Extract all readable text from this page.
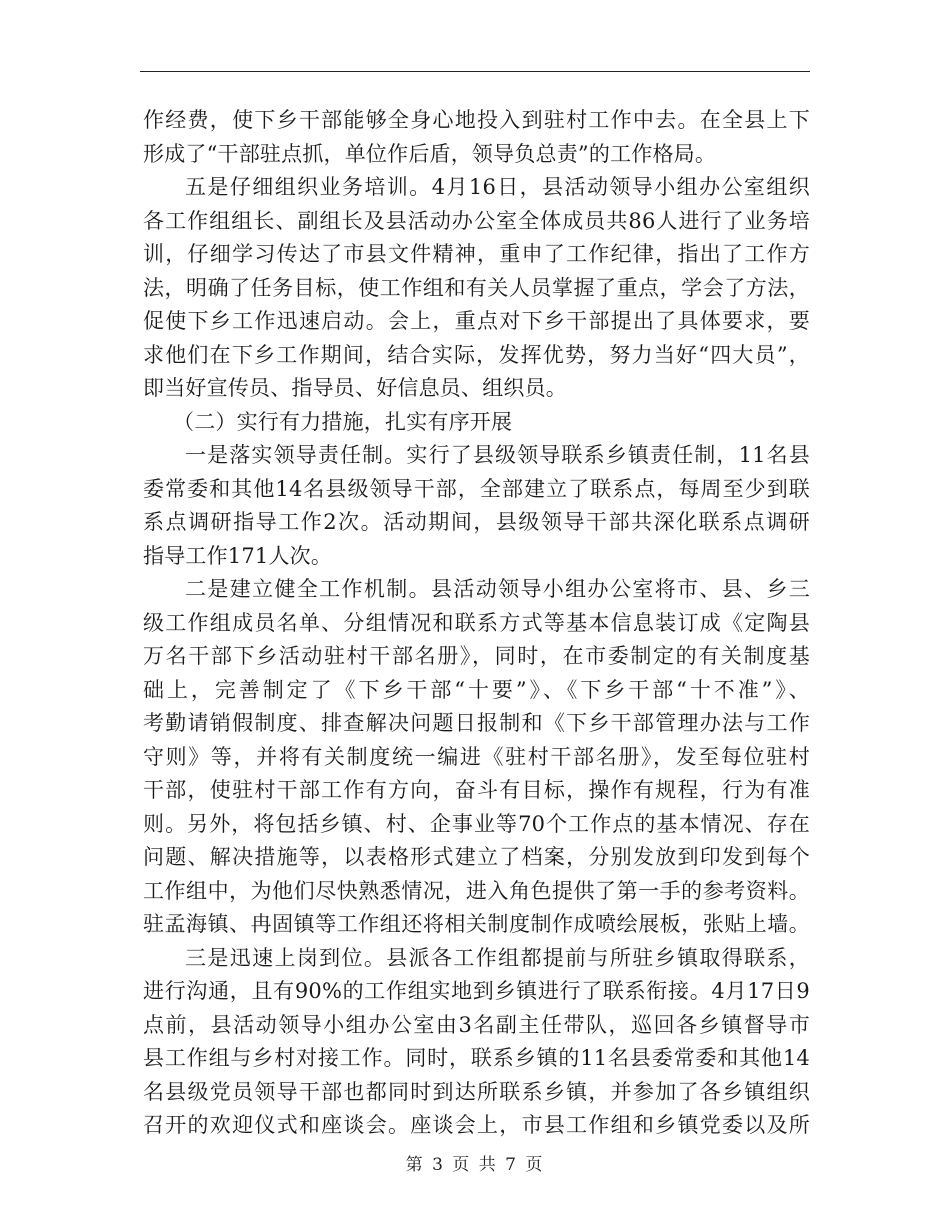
作经费，使下乡干部能够全身心地投入到驻村工作中去。在全县上下
形成了“干部驻点抓，单位作后盾，领导负总责”的工作格局。
五是仔细组织业务培训。4月16日，县活动领导小组办公室组织
各工作组组长、副组长及县活动办公室全体成员共86人进行了业务培
训，仔细学习传达了市县文件精神，重申了工作纪律，指出了工作方
法，明确了任务目标，使工作组和有关人员掌握了重点，学会了方法，
促使下乡工作迅速启动。会上，重点对下乡干部提出了具体要求，要
求他们在下乡工作期间，结合实际，发挥优势，努力当好“四大员”，
即当好宣传员、指导员、好信息员、组织员。
（二）实行有力措施，扎实有序开展
一是落实领导责任制。实行了县级领导联系乡镇责任制，11名县
委常委和其他14名县级领导干部，全部建立了联系点，每周至少到联
系点调研指导工作2次。活动期间，县级领导干部共深化联系点调研
指导工作171人次。
二是建立健全工作机制。县活动领导小组办公室将市、县、乡三
级工作组成员名单、分组情况和联系方式等基本信息装订成《定陶县
万名干部下乡活动驻村干部名册》，同时，在市委制定的有关制度基
础上，完善制定了《下乡干部“十要”》、《下乡干部“十不准”》、
考勤请销假制度、排查解决问题日报制和《下乡干部管理办法与工作
守则》等，并将有关制度统一编进《驻村干部名册》，发至每位驻村
干部，使驻村干部工作有方向，奋斗有目标，操作有规程，行为有准
则。另外，将包括乡镇、村、企事业等70个工作点的基本情况、存在
问题、解决措施等，以表格形式建立了档案，分别发放到印发到每个
工作组中，为他们尽快熟悉情况，进入角色提供了第一手的参考资料。
驻孟海镇、冉固镇等工作组还将相关制度制作成喷绘展板，张贴上墙。
三是迅速上岗到位。县派各工作组都提前与所驻乡镇取得联系，
进行沟通，且有90%的工作组实地到乡镇进行了联系衔接。4月17日9
点前，县活动领导小组办公室由3名副主任带队，巡回各乡镇督导市
县工作组与乡村对接工作。同时，联系乡镇的11名县委常委和其他14
名县级党员领导干部也都同时到达所联系乡镇，并参加了各乡镇组织
召开的欢迎仪式和座谈会。座谈会上，市县工作组和乡镇党委以及所
第 3 页 共 7 页
